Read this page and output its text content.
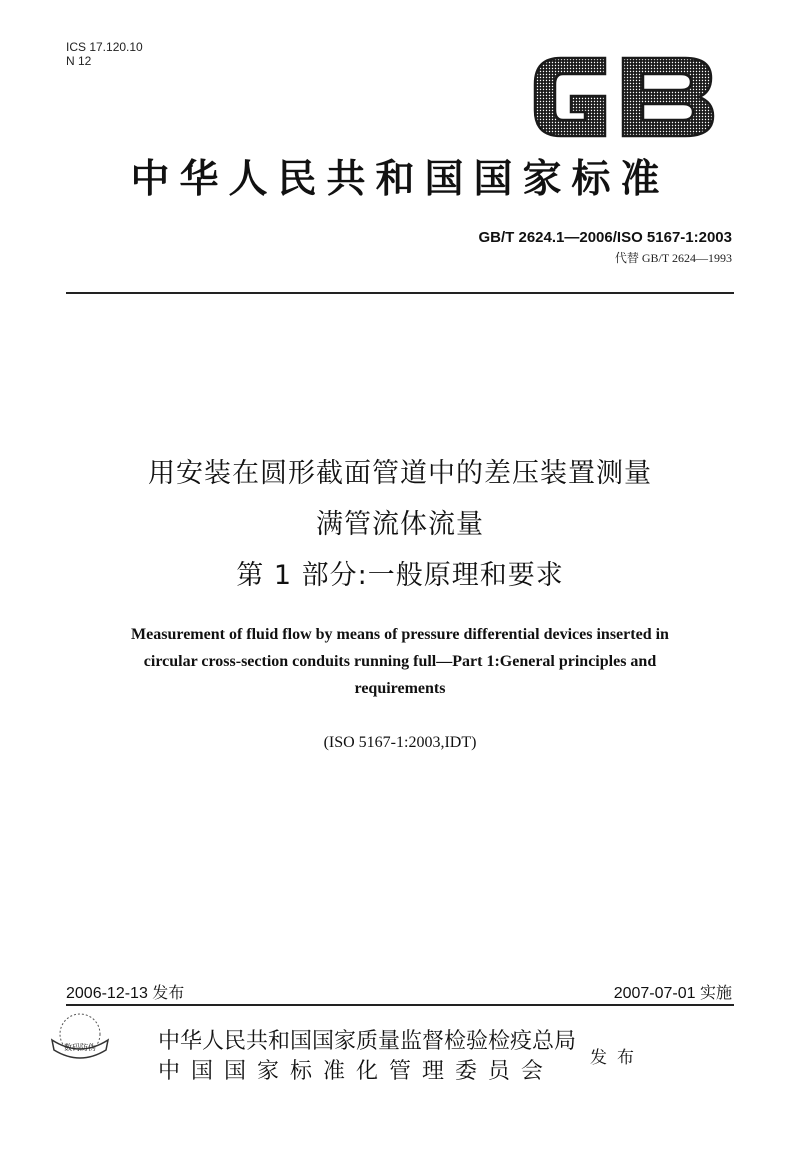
ICS 17.120.10
N 12
中华人民共和国国家标准
GB/T 2624.1—2006/ISO 5167-1:2003
代替 GB/T 2624—1993
用安装在圆形截面管道中的差压装置测量
满管流体流量
第 1 部分:一般原理和要求
Measurement of fluid flow by means of pressure differential devices inserted in
circular cross-section conduits running full—Part 1:General principles and
requirements
(ISO 5167-1:2003,IDT)
2006-12-13 发布	2007-07-01 实施
数码防伪	中华人民共和国国家质量监督检验检疫总局
中 国 国 家 标 准 化 管 理 委 员 会
发布
